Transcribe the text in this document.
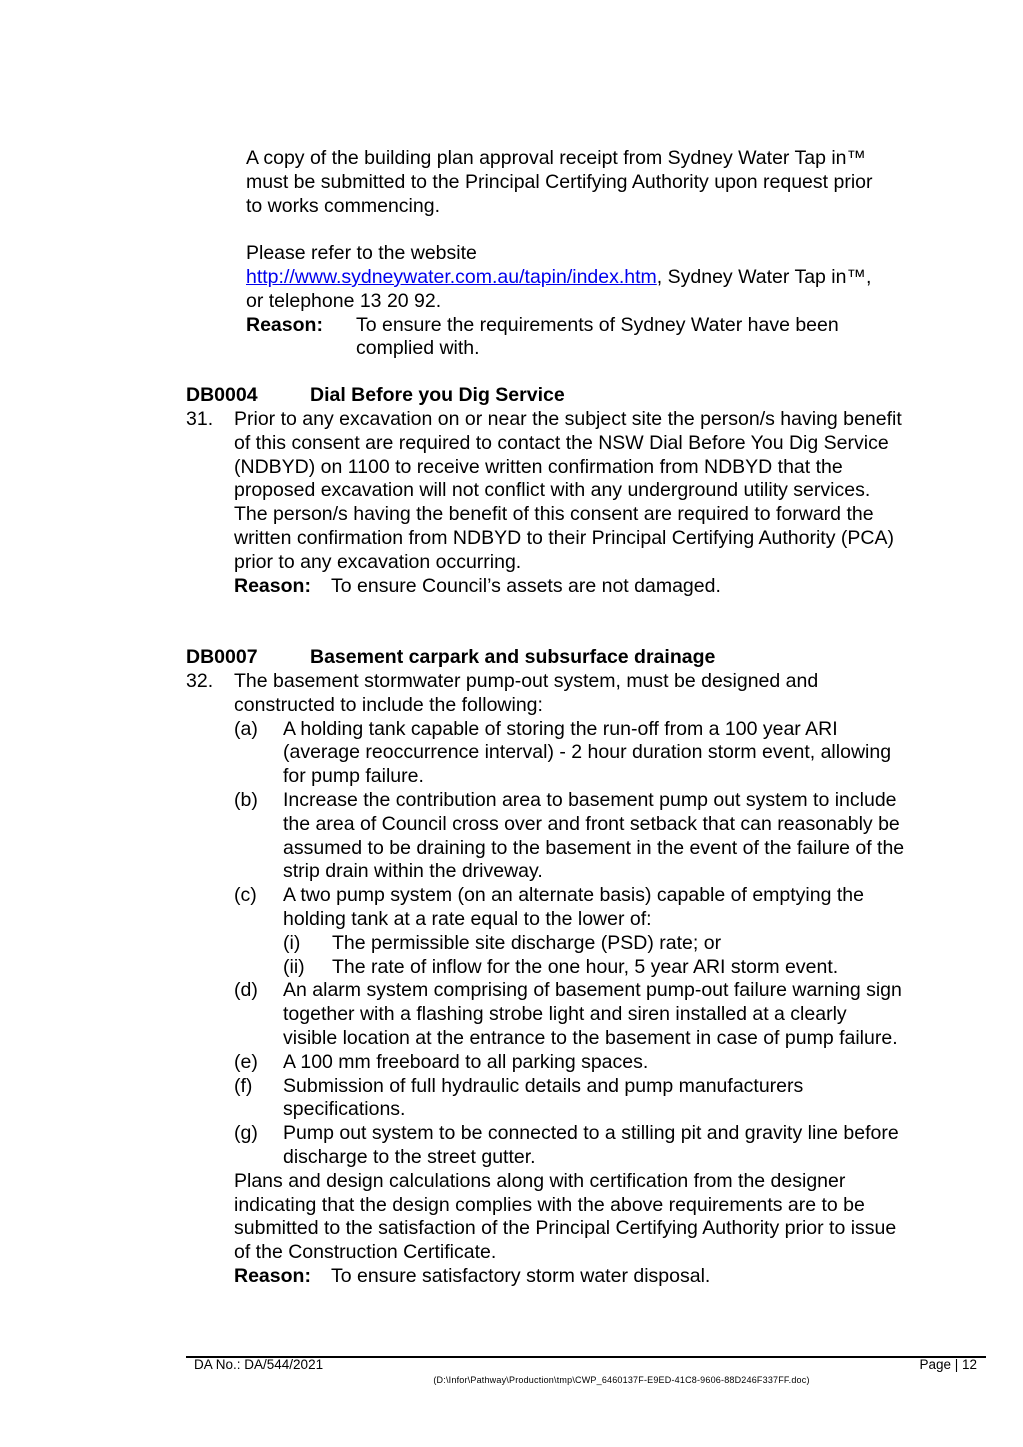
A copy of the building plan approval receipt from Sydney Water Tap in™ must be submitted to the Principal Certifying Authority upon request prior to works commencing.

Please refer to the website
http://www.sydneywater.com.au/tapin/index.htm, Sydney Water Tap in™, or telephone 13 20 92.

Reason:	To ensure the requirements of Sydney Water have been complied with.
DB0004	Dial Before you Dig Service
31. Prior to any excavation on or near the subject site the person/s having benefit of this consent are required to contact the NSW Dial Before You Dig Service (NDBYD) on 1100 to receive written confirmation from NDBYD that the proposed excavation will not conflict with any underground utility services. The person/s having the benefit of this consent are required to forward the written confirmation from NDBYD to their Principal Certifying Authority (PCA) prior to any excavation occurring.

Reason:	To ensure Council’s assets are not damaged.
DB0007	Basement carpark and subsurface drainage
32. The basement stormwater pump-out system, must be designed and constructed to include the following:

(a)	A holding tank capable of storing the run-off from a 100 year ARI (average reoccurrence interval) - 2 hour duration storm event, allowing for pump failure.
(b)	Increase the contribution area to basement pump out system to include the area of Council cross over and front setback that can reasonably be assumed to be draining to the basement in the event of the failure of the strip drain within the driveway.
(c)	A two pump system (on an alternate basis) capable of emptying the holding tank at a rate equal to the lower of:
(i)	The permissible site discharge (PSD) rate; or
(ii)	The rate of inflow for the one hour, 5 year ARI storm event.
(d)	An alarm system comprising of basement pump-out failure warning sign together with a flashing strobe light and siren installed at a clearly visible location at the entrance to the basement in case of pump failure.
(e)	A 100 mm freeboard to all parking spaces.
(f)	Submission of full hydraulic details and pump manufacturers specifications.
(g)	Pump out system to be connected to a stilling pit and gravity line before discharge to the street gutter.

Plans and design calculations along with certification from the designer indicating that the design complies with the above requirements are to be submitted to the satisfaction of the Principal Certifying Authority prior to issue of the Construction Certificate.

Reason:	To ensure satisfactory storm water disposal.
DA No.: DA/544/2021	Page | 12
(D:\Infor\Pathway\Production\tmp\CWP_6460137F-E9ED-41C8-9606-88D246F337FF.doc)
